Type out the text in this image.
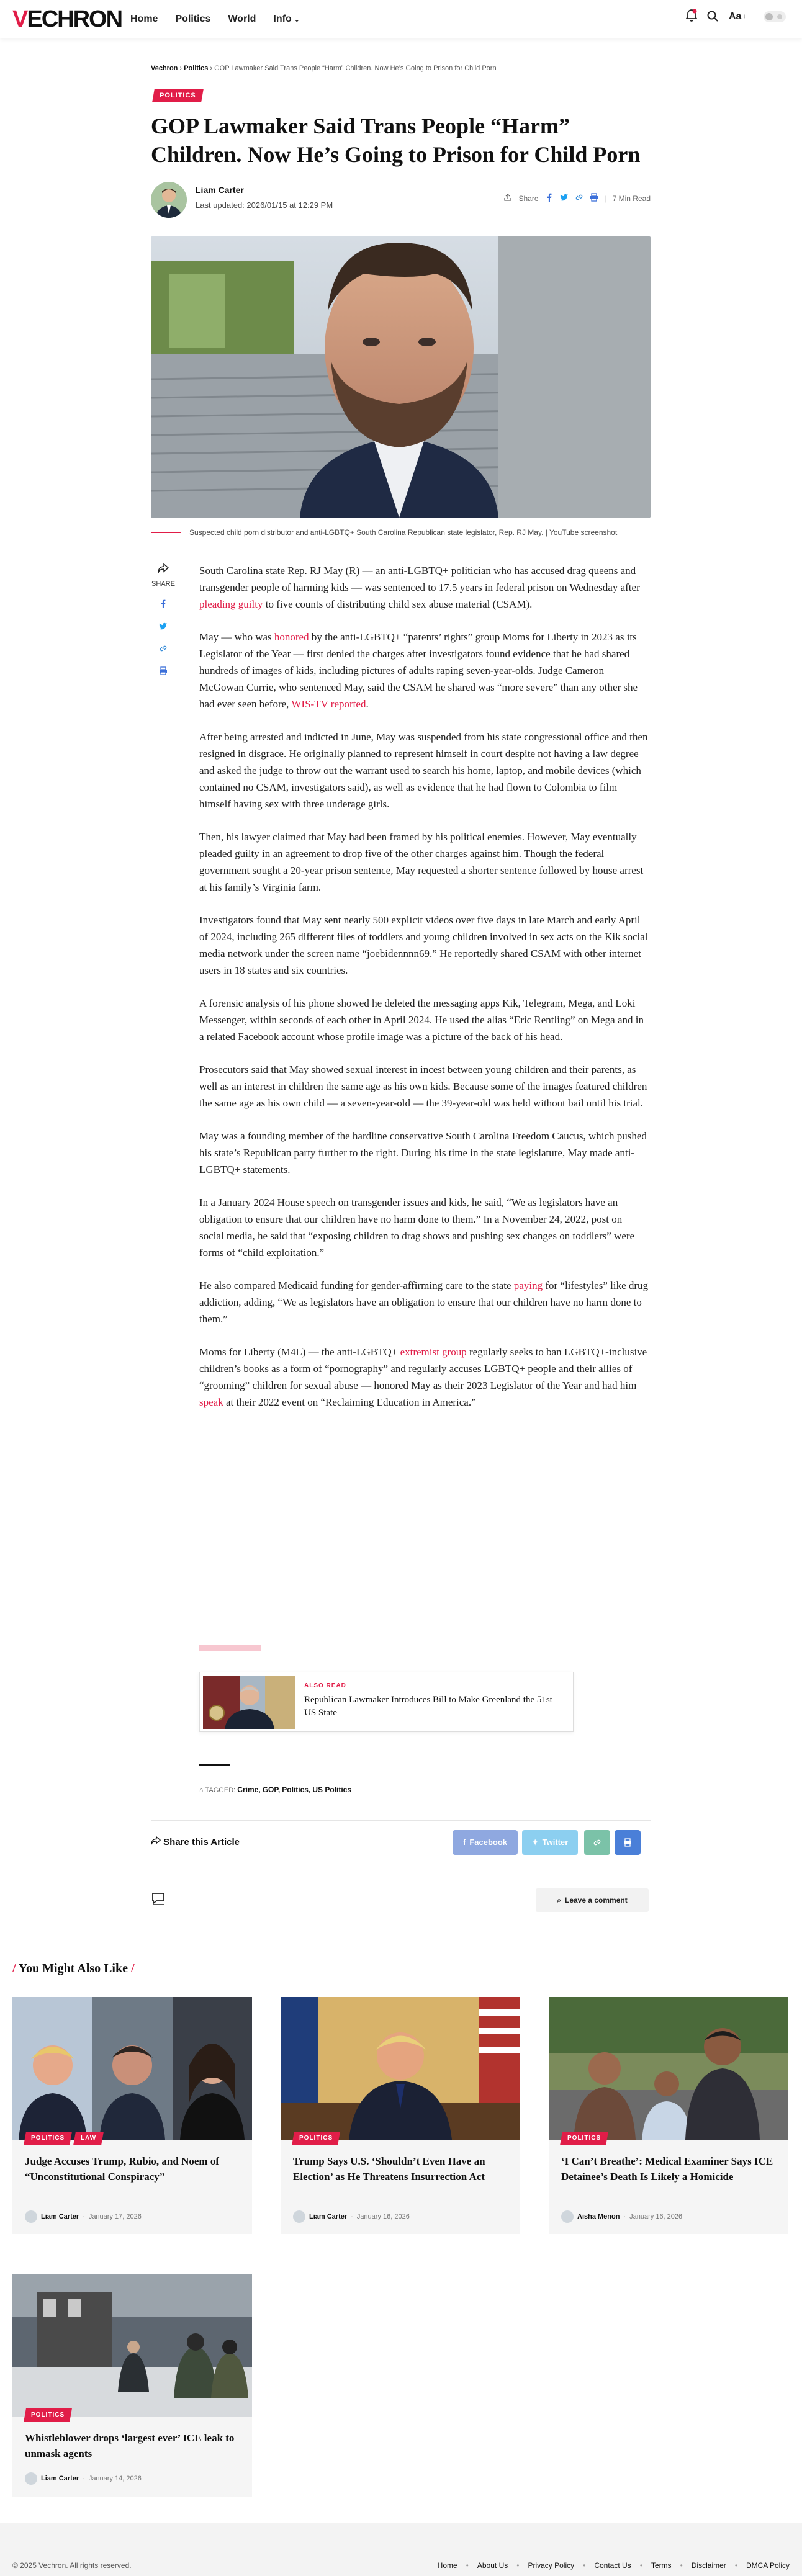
VECHRON Home Politics World Info ⌄	Aa ⁞
Vechron › Politics › GOP Lawmaker Said Trans People “Harm” Children. Now He’s Going to Prison for Child Porn
POLITICS
GOP Lawmaker Said Trans People “Harm” Children. Now He’s Going to Prison for Child Porn
Liam Carter
Last updated: 2026/01/15 at 12:29 PM
Share	| 7 Min Read
Suspected child porn distributor and anti-LGBTQ+ South Carolina Republican state legislator, Rep. RJ May. | YouTube screenshot
SHARE

South Carolina state Rep. RJ May (R) — an anti-LGBTQ+ politician who has accused drag queens and transgender people of harming kids — was sentenced to 17.5 years in federal prison on Wednesday after pleading guilty to five counts of distributing child sex abuse material (CSAM).

May — who was honored by the anti-LGBTQ+ “parents’ rights” group Moms for Liberty in 2023 as its Legislator of the Year — first denied the charges after investigators found evidence that he had shared hundreds of images of kids, including pictures of adults raping seven-year-olds. Judge Cameron McGowan Currie, who sentenced May, said the CSAM he shared was “more severe” than any other she had ever seen before, WIS-TV reported.

After being arrested and indicted in June, May was suspended from his state congressional office and then resigned in disgrace. He originally planned to represent himself in court despite not having a law degree and asked the judge to throw out the warrant used to search his home, laptop, and mobile devices (which contained no CSAM, investigators said), as well as evidence that he had flown to Colombia to film himself having sex with three underage girls.

Then, his lawyer claimed that May had been framed by his political enemies. However, May eventually pleaded guilty in an agreement to drop five of the other charges against him. Though the federal government sought a 20-year prison sentence, May requested a shorter sentence followed by house arrest at his family’s Virginia farm.

Investigators found that May sent nearly 500 explicit videos over five days in late March and early April of 2024, including 265 different files of toddlers and young children involved in sex acts on the Kik social media network under the screen name “joebidennnn69.” He reportedly shared CSAM with other internet users in 18 states and six countries.

A forensic analysis of his phone showed he deleted the messaging apps Kik, Telegram, Mega, and Loki Messenger, within seconds of each other in April 2024. He used the alias “Eric Rentling” on Mega and in a related Facebook account whose profile image was a picture of the back of his head.

Prosecutors said that May showed sexual interest in incest between young children and their parents, as well as an interest in children the same age as his own kids. Because some of the images featured children the same age as his own child — a seven-year-old — the 39-year-old was held without bail until his trial.

May was a founding member of the hardline conservative South Carolina Freedom Caucus, which pushed his state’s Republican party further to the right. During his time in the state legislature, May made anti-LGBTQ+ statements.

In a January 2024 House speech on transgender issues and kids, he said, “We as legislators have an obligation to ensure that our children have no harm done to them.” In a November 24, 2022, post on social media, he said that “exposing children to drag shows and pushing sex changes on toddlers” were forms of “child exploitation.”

He also compared Medicaid funding for gender-affirming care to the state paying for “lifestyles” like drug addiction, adding, “We as legislators have an obligation to ensure that our children have no harm done to them.”

Moms for Liberty (M4L) — the anti-LGBTQ+ extremist group regularly seeks to ban LGBTQ+-inclusive children’s books as a form of “pornography” and regularly accuses LGBTQ+ people and their allies of “grooming” children for sexual abuse — honored May as their 2023 Legislator of the Year and had him speak at their 2022 event on “Reclaiming Education in America.”

ALSO READ
Republican Lawmaker Introduces Bill to Make Greenland the 51st US State
⌂ TAGGED: Crime, GOP, Politics, US Politics
Share this Article	f Facebook	✦ Twitter
⌕ Leave a comment
/ You Might Also Like /
POLITICS	LAW
Judge Accuses Trump, Rubio, and Noem of “Unconstitutional Conspiracy”
Liam Carter · January 17, 2026
POLITICS
Trump Says U.S. ‘Shouldn’t Even Have an Election’ as He Threatens Insurrection Act
Liam Carter · January 16, 2026
POLITICS
‘I Can’t Breathe’: Medical Examiner Says ICE Detainee’s Death Is Likely a Homicide
Aisha Menon · January 16, 2026
POLITICS
Whistleblower drops ‘largest ever’ ICE leak to unmask agents
Liam Carter · January 14, 2026
© 2025 Vechron. All rights reserved.	Home • About Us • Privacy Policy • Contact Us • Terms • Disclaimer • DMCA Policy
